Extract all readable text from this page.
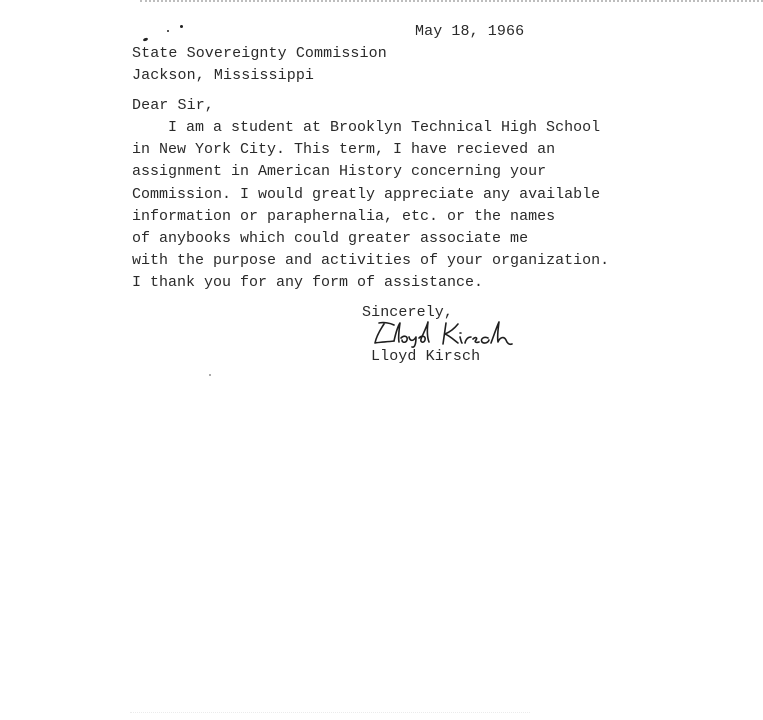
May 18, 1966
State Sovereignty Commission
Jackson, Mississippi
Dear Sir,
I am a student at Brooklyn Technical High School
in New York City. This term, I have recieved an
assignment in American History concerning your
Commission. I would greatly appreciate any available
information or paraphernalia, etc. or the names
of anybooks which could greater associate me
with the purpose and activities of your organization.
I thank you for any form of assistance.
Sincerely,
Lloyd Kirsch
